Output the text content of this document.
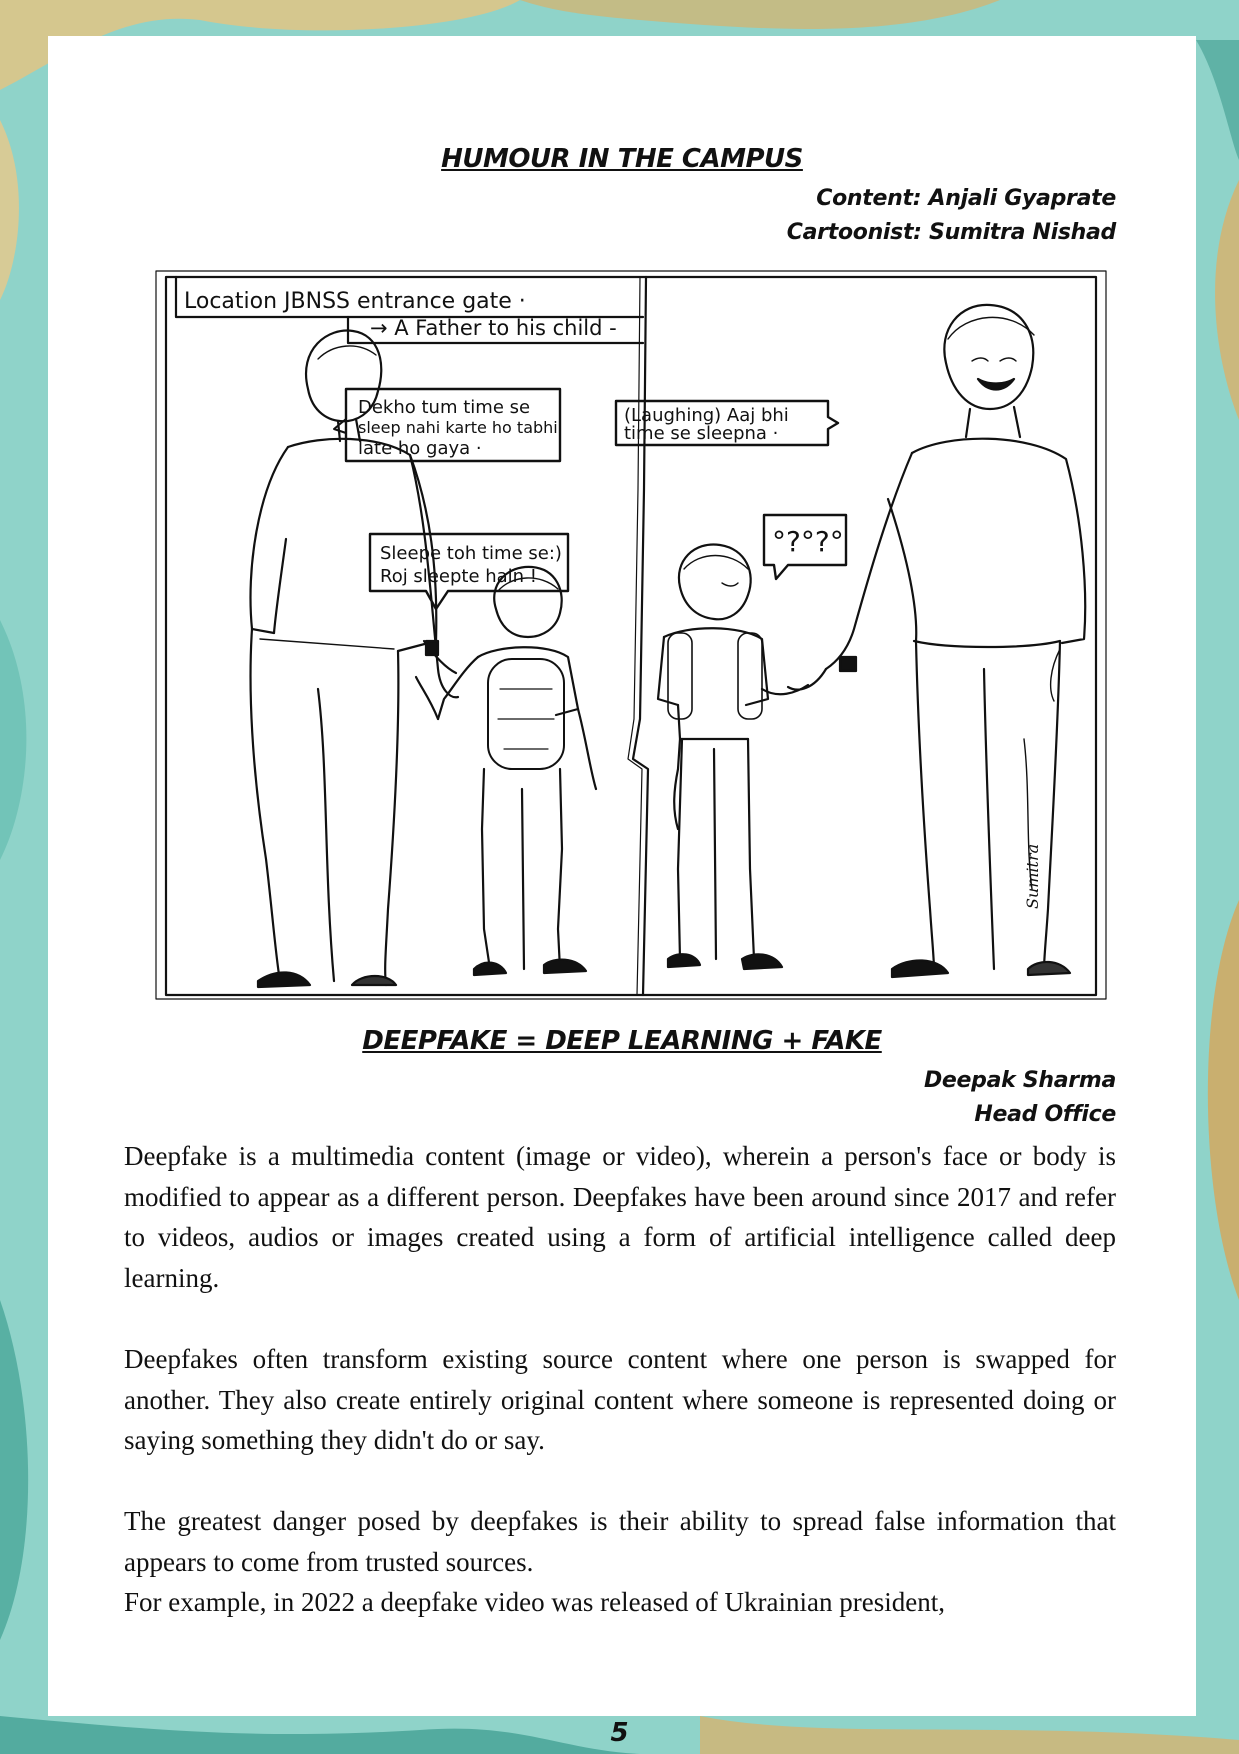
HUMOUR IN THE CAMPUS
Content: Anjali Gyaprate
Cartoonist: Sumitra Nishad
Location JBNSS entrance gate ·
→ A Father to his child -
Dekho tum time se
sleep nahi karte ho tabhi
late ho gaya ·
Sleepe toh time se:)
Roj sleepte hain !
(Laughing) Aaj bhi
time se sleepna ·
°?°?°
Sumitra
DEEPFAKE = DEEP LEARNING + FAKE
Deepak Sharma
Head Office

Deepfake is a multimedia content (image or video), wherein a person's face or body is modified to appear as a different person. Deepfakes have been around since 2017 and refer to videos, audios or images created using a form of artificial intelligence called deep learning.

Deepfakes often transform existing source content where one person is swapped for another. They also create entirely original content where someone is represented doing or saying something they didn't do or say.

The greatest danger posed by deepfakes is their ability to spread false information that appears to come from trusted sources.

For example, in 2022 a deepfake video was released of Ukrainian president,

5
